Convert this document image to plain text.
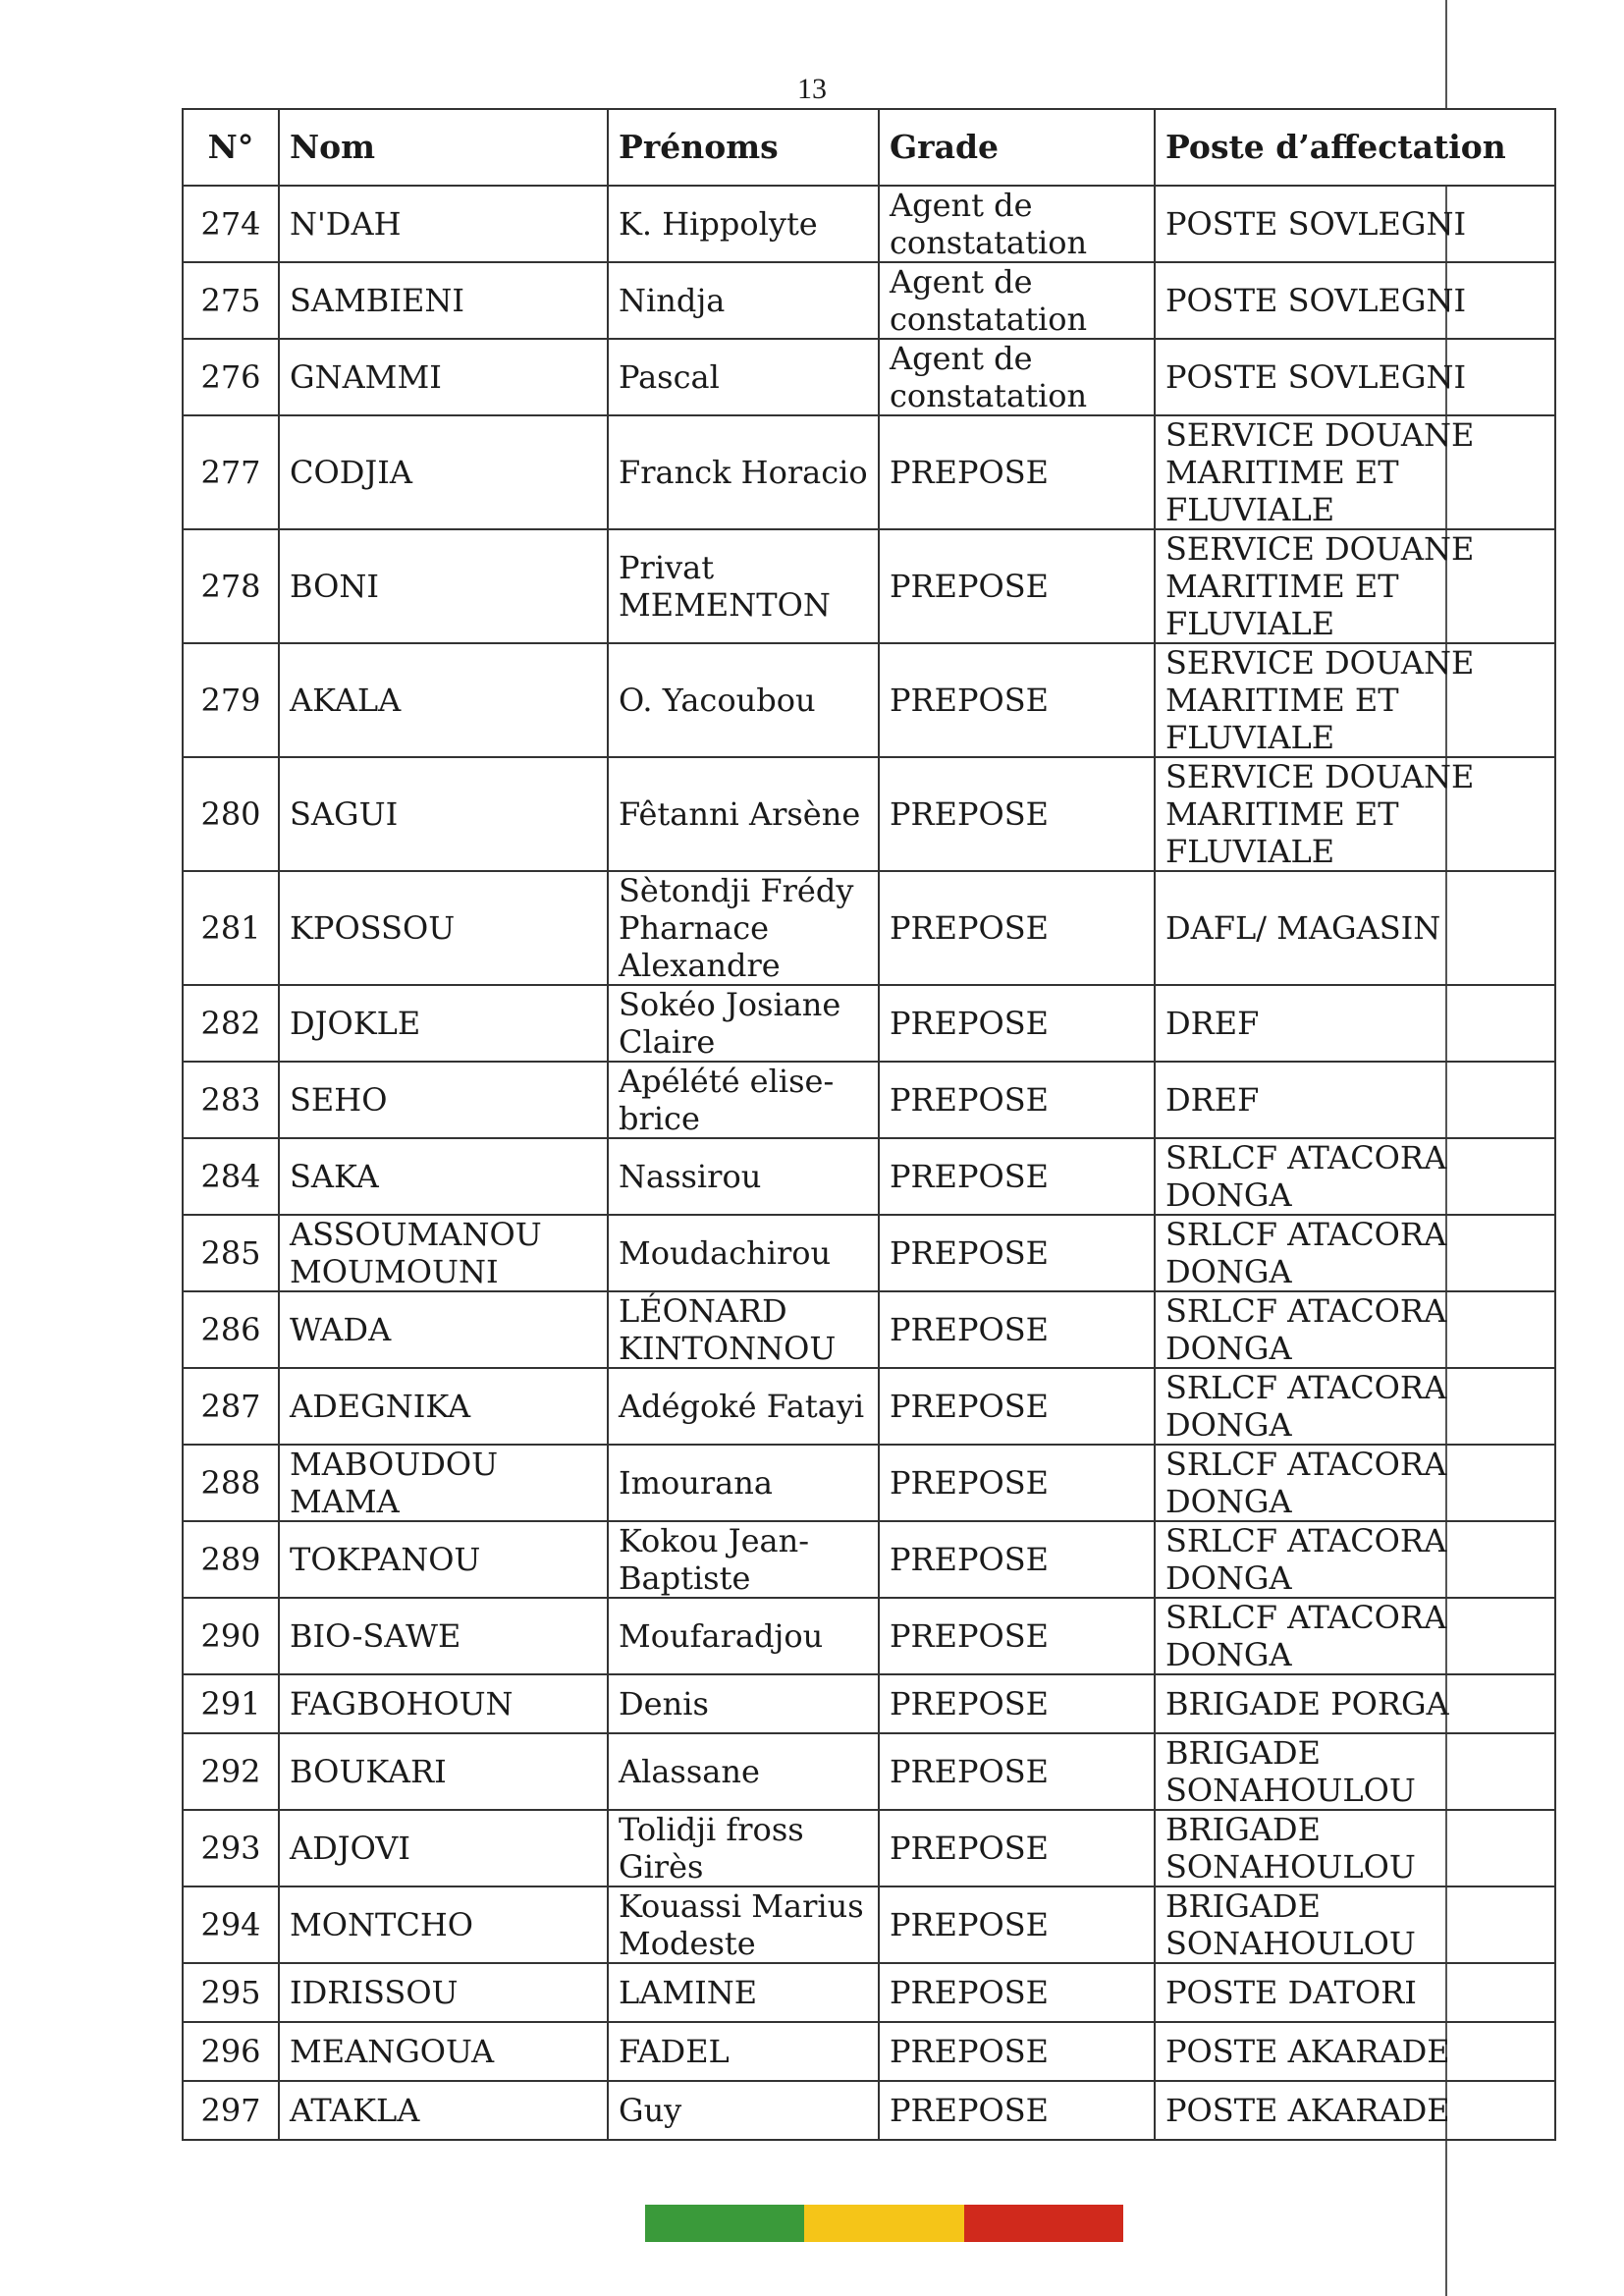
13
N°	Nom	Prénoms	Grade	Poste d’affectation
274	N'DAH	K. Hippolyte	Agent de constatation	POSTE SOVLEGNI
275	SAMBIENI	Nindja	Agent de constatation	POSTE SOVLEGNI
276	GNAMMI	Pascal	Agent de constatation	POSTE SOVLEGNI
277	CODJIA	Franck Horacio	PREPOSE	SERVICE DOUANE MARITIME ET FLUVIALE
278	BONI	Privat MEMENTON	PREPOSE	SERVICE DOUANE MARITIME ET FLUVIALE
279	AKALA	O. Yacoubou	PREPOSE	SERVICE DOUANE MARITIME ET FLUVIALE
280	SAGUI	Fêtanni Arsène	PREPOSE	SERVICE DOUANE MARITIME ET FLUVIALE
281	KPOSSOU	Sètondji Frédy Pharnace Alexandre	PREPOSE	DAFL/ MAGASIN
282	DJOKLE	Sokéo Josiane Claire	PREPOSE	DREF
283	SEHO	Apélété elise-brice	PREPOSE	DREF
284	SAKA	Nassirou	PREPOSE	SRLCF ATACORA DONGA
285	ASSOUMANOU MOUMOUNI	Moudachirou	PREPOSE	SRLCF ATACORA DONGA
286	WADA	LÉONARD KINTONNOU	PREPOSE	SRLCF ATACORA DONGA
287	ADEGNIKA	Adégoké Fatayi	PREPOSE	SRLCF ATACORA DONGA
288	MABOUDOU MAMA	Imourana	PREPOSE	SRLCF ATACORA DONGA
289	TOKPANOU	Kokou Jean-Baptiste	PREPOSE	SRLCF ATACORA DONGA
290	BIO-SAWE	Moufaradjou	PREPOSE	SRLCF ATACORA DONGA
291	FAGBOHOUN	Denis	PREPOSE	BRIGADE PORGA
292	BOUKARI	Alassane	PREPOSE	BRIGADE SONAHOULOU
293	ADJOVI	Tolidji fross Girès	PREPOSE	BRIGADE SONAHOULOU
294	MONTCHO	Kouassi Marius Modeste	PREPOSE	BRIGADE SONAHOULOU
295	IDRISSOU	LAMINE	PREPOSE	POSTE DATORI
296	MEANGOUA	FADEL	PREPOSE	POSTE AKARADE
297	ATAKLA	Guy	PREPOSE	POSTE AKARADE
